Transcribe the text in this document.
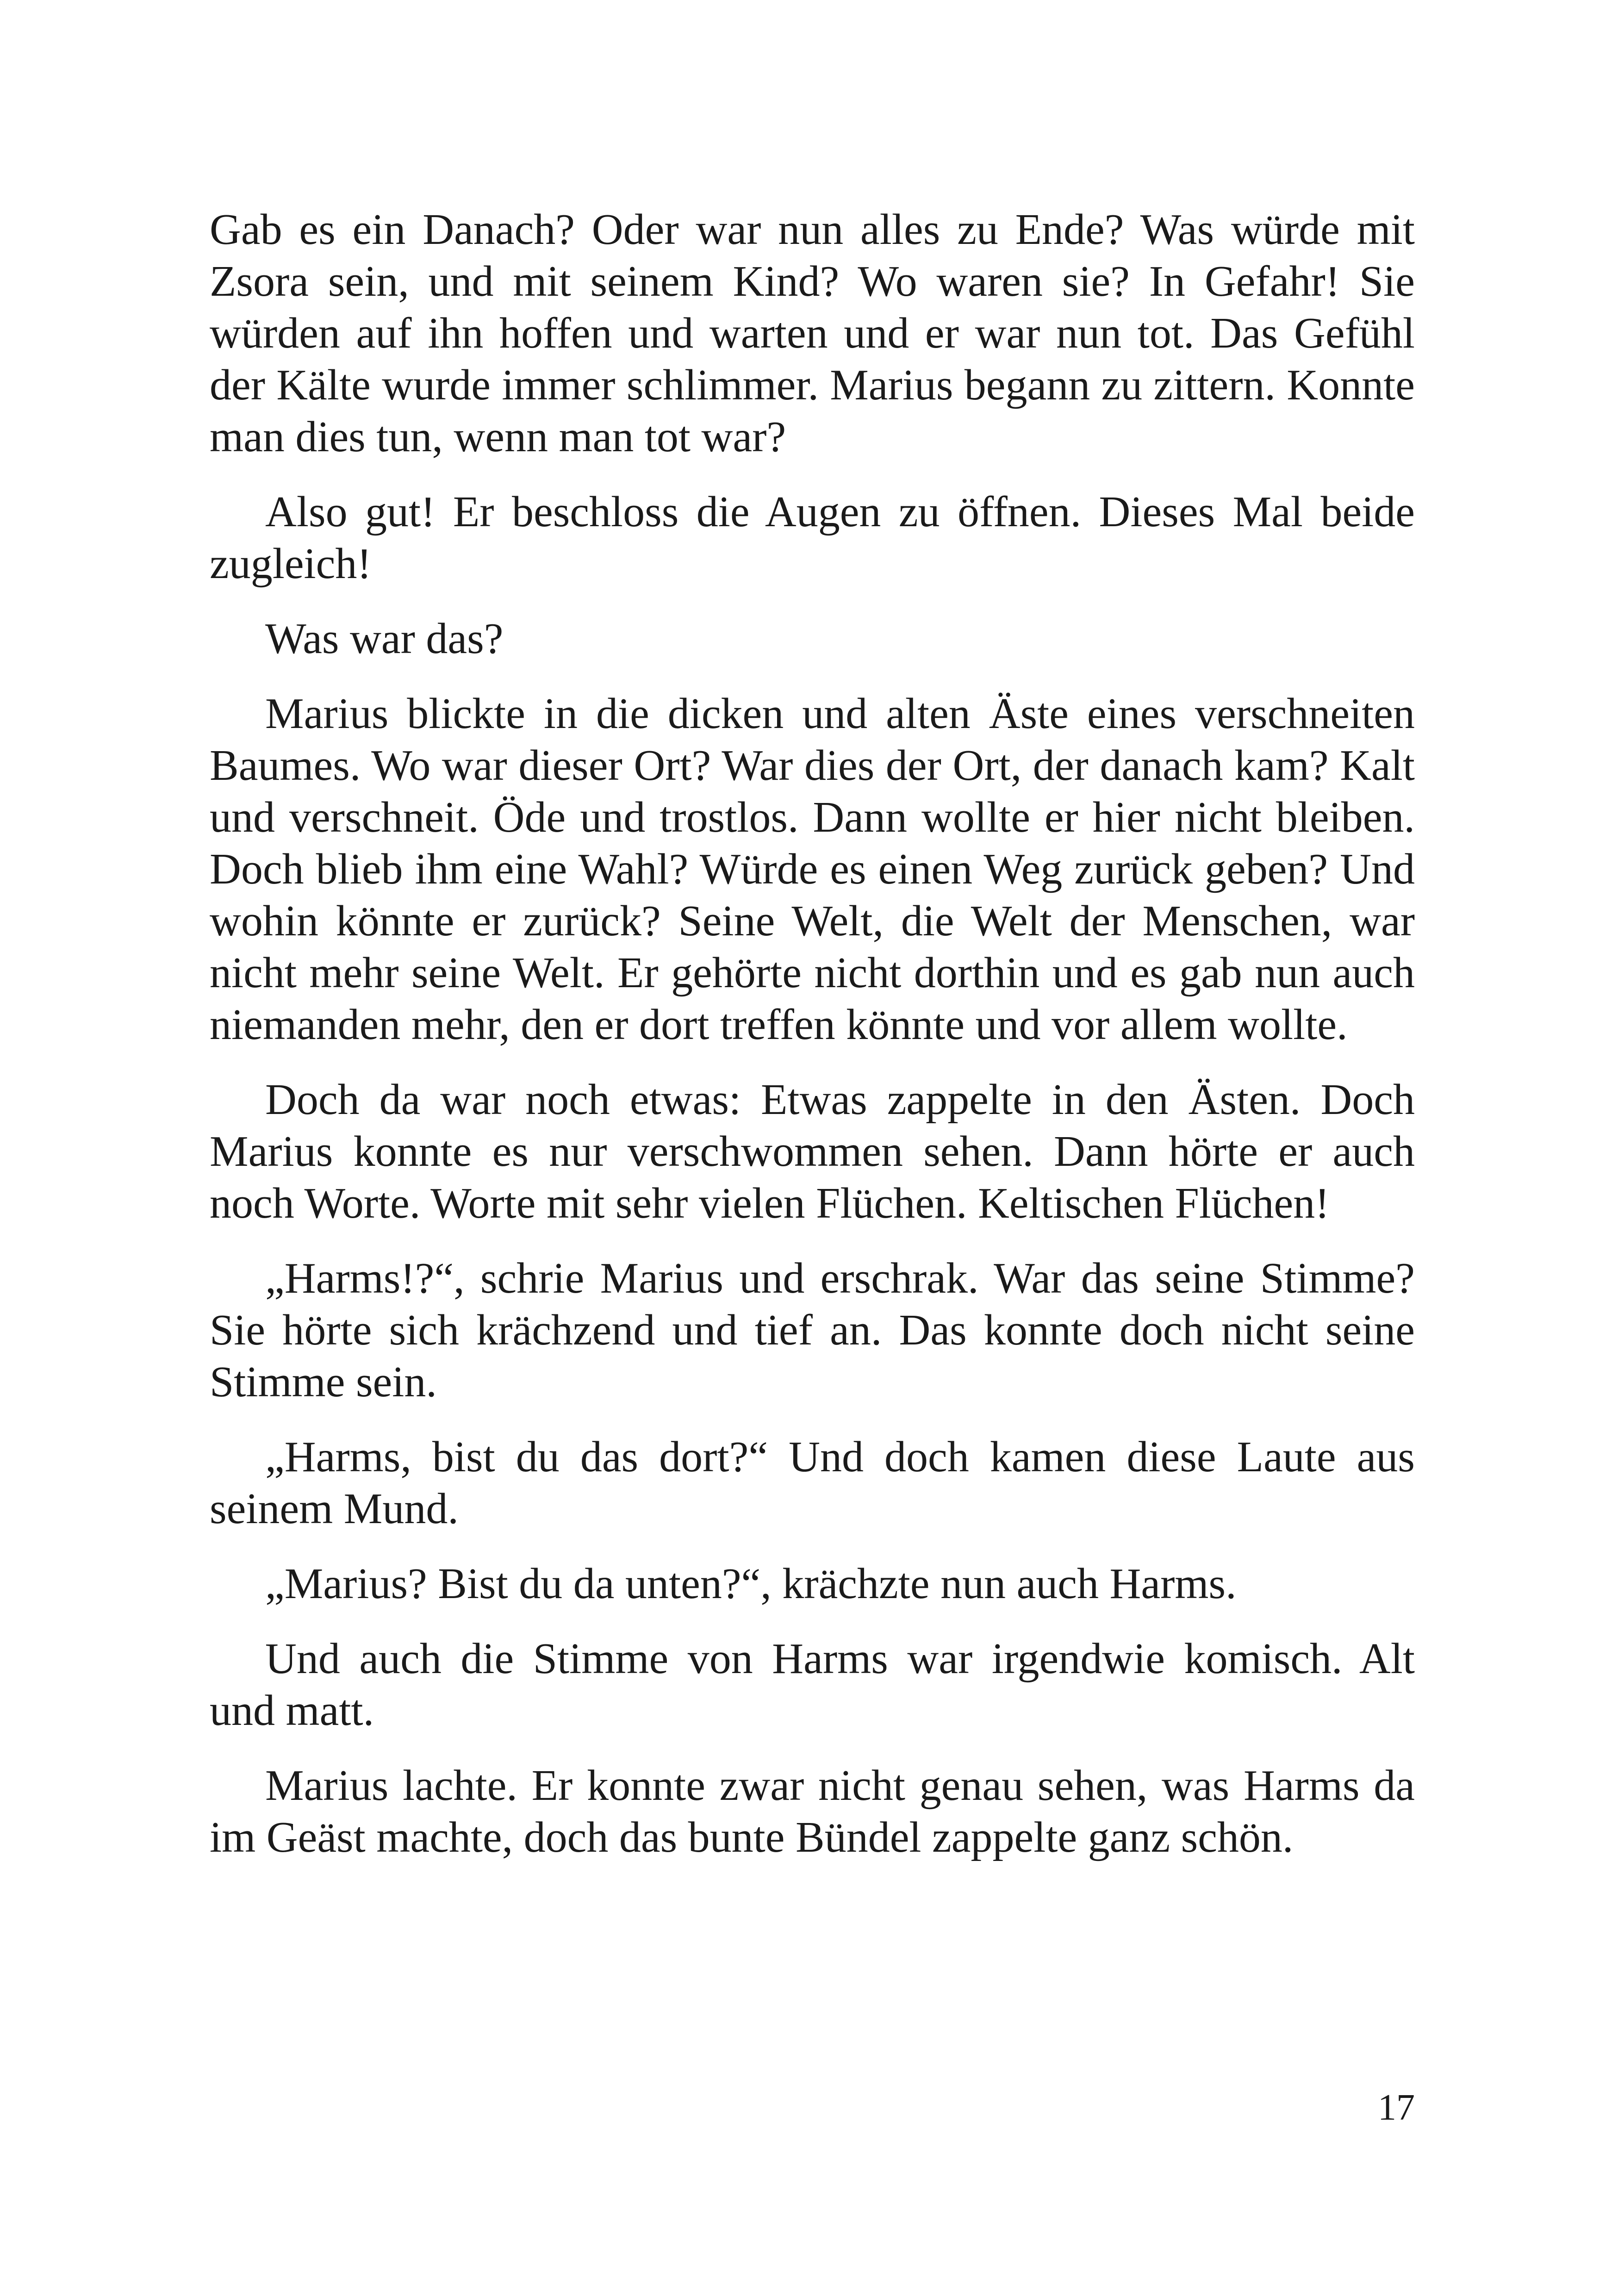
Gab es ein Danach? Oder war nun alles zu Ende? Was würde mit Zsora sein, und mit seinem Kind? Wo waren sie? In Gefahr! Sie würden auf ihn hoffen und warten und er war nun tot. Das Gefühl der Kälte wurde immer schlimmer. Marius begann zu zittern. Konnte man dies tun, wenn man tot war?

Also gut! Er beschloss die Augen zu öffnen. Dieses Mal beide zugleich!

Was war das?

Marius blickte in die dicken und alten Äste eines verschneiten Baumes. Wo war dieser Ort? War dies der Ort, der danach kam? Kalt und verschneit. Öde und trostlos. Dann wollte er hier nicht bleiben. Doch blieb ihm eine Wahl? Würde es einen Weg zurück geben? Und wohin könnte er zurück? Seine Welt, die Welt der Menschen, war nicht mehr seine Welt. Er gehörte nicht dorthin und es gab nun auch niemanden mehr, den er dort treffen könnte und vor allem wollte.

Doch da war noch etwas: Etwas zappelte in den Ästen. Doch Marius konnte es nur verschwommen sehen. Dann hörte er auch noch Worte. Worte mit sehr vielen Flüchen. Keltischen Flüchen!

„Harms!?“, schrie Marius und erschrak. War das seine Stimme? Sie hörte sich krächzend und tief an. Das konnte doch nicht seine Stimme sein.

„Harms, bist du das dort?“ Und doch kamen diese Laute aus seinem Mund.

„Marius? Bist du da unten?“, krächzte nun auch Harms.

Und auch die Stimme von Harms war irgendwie komisch. Alt und matt.

Marius lachte. Er konnte zwar nicht genau sehen, was Harms da im Geäst machte, doch das bunte Bündel zappelte ganz schön.

17
